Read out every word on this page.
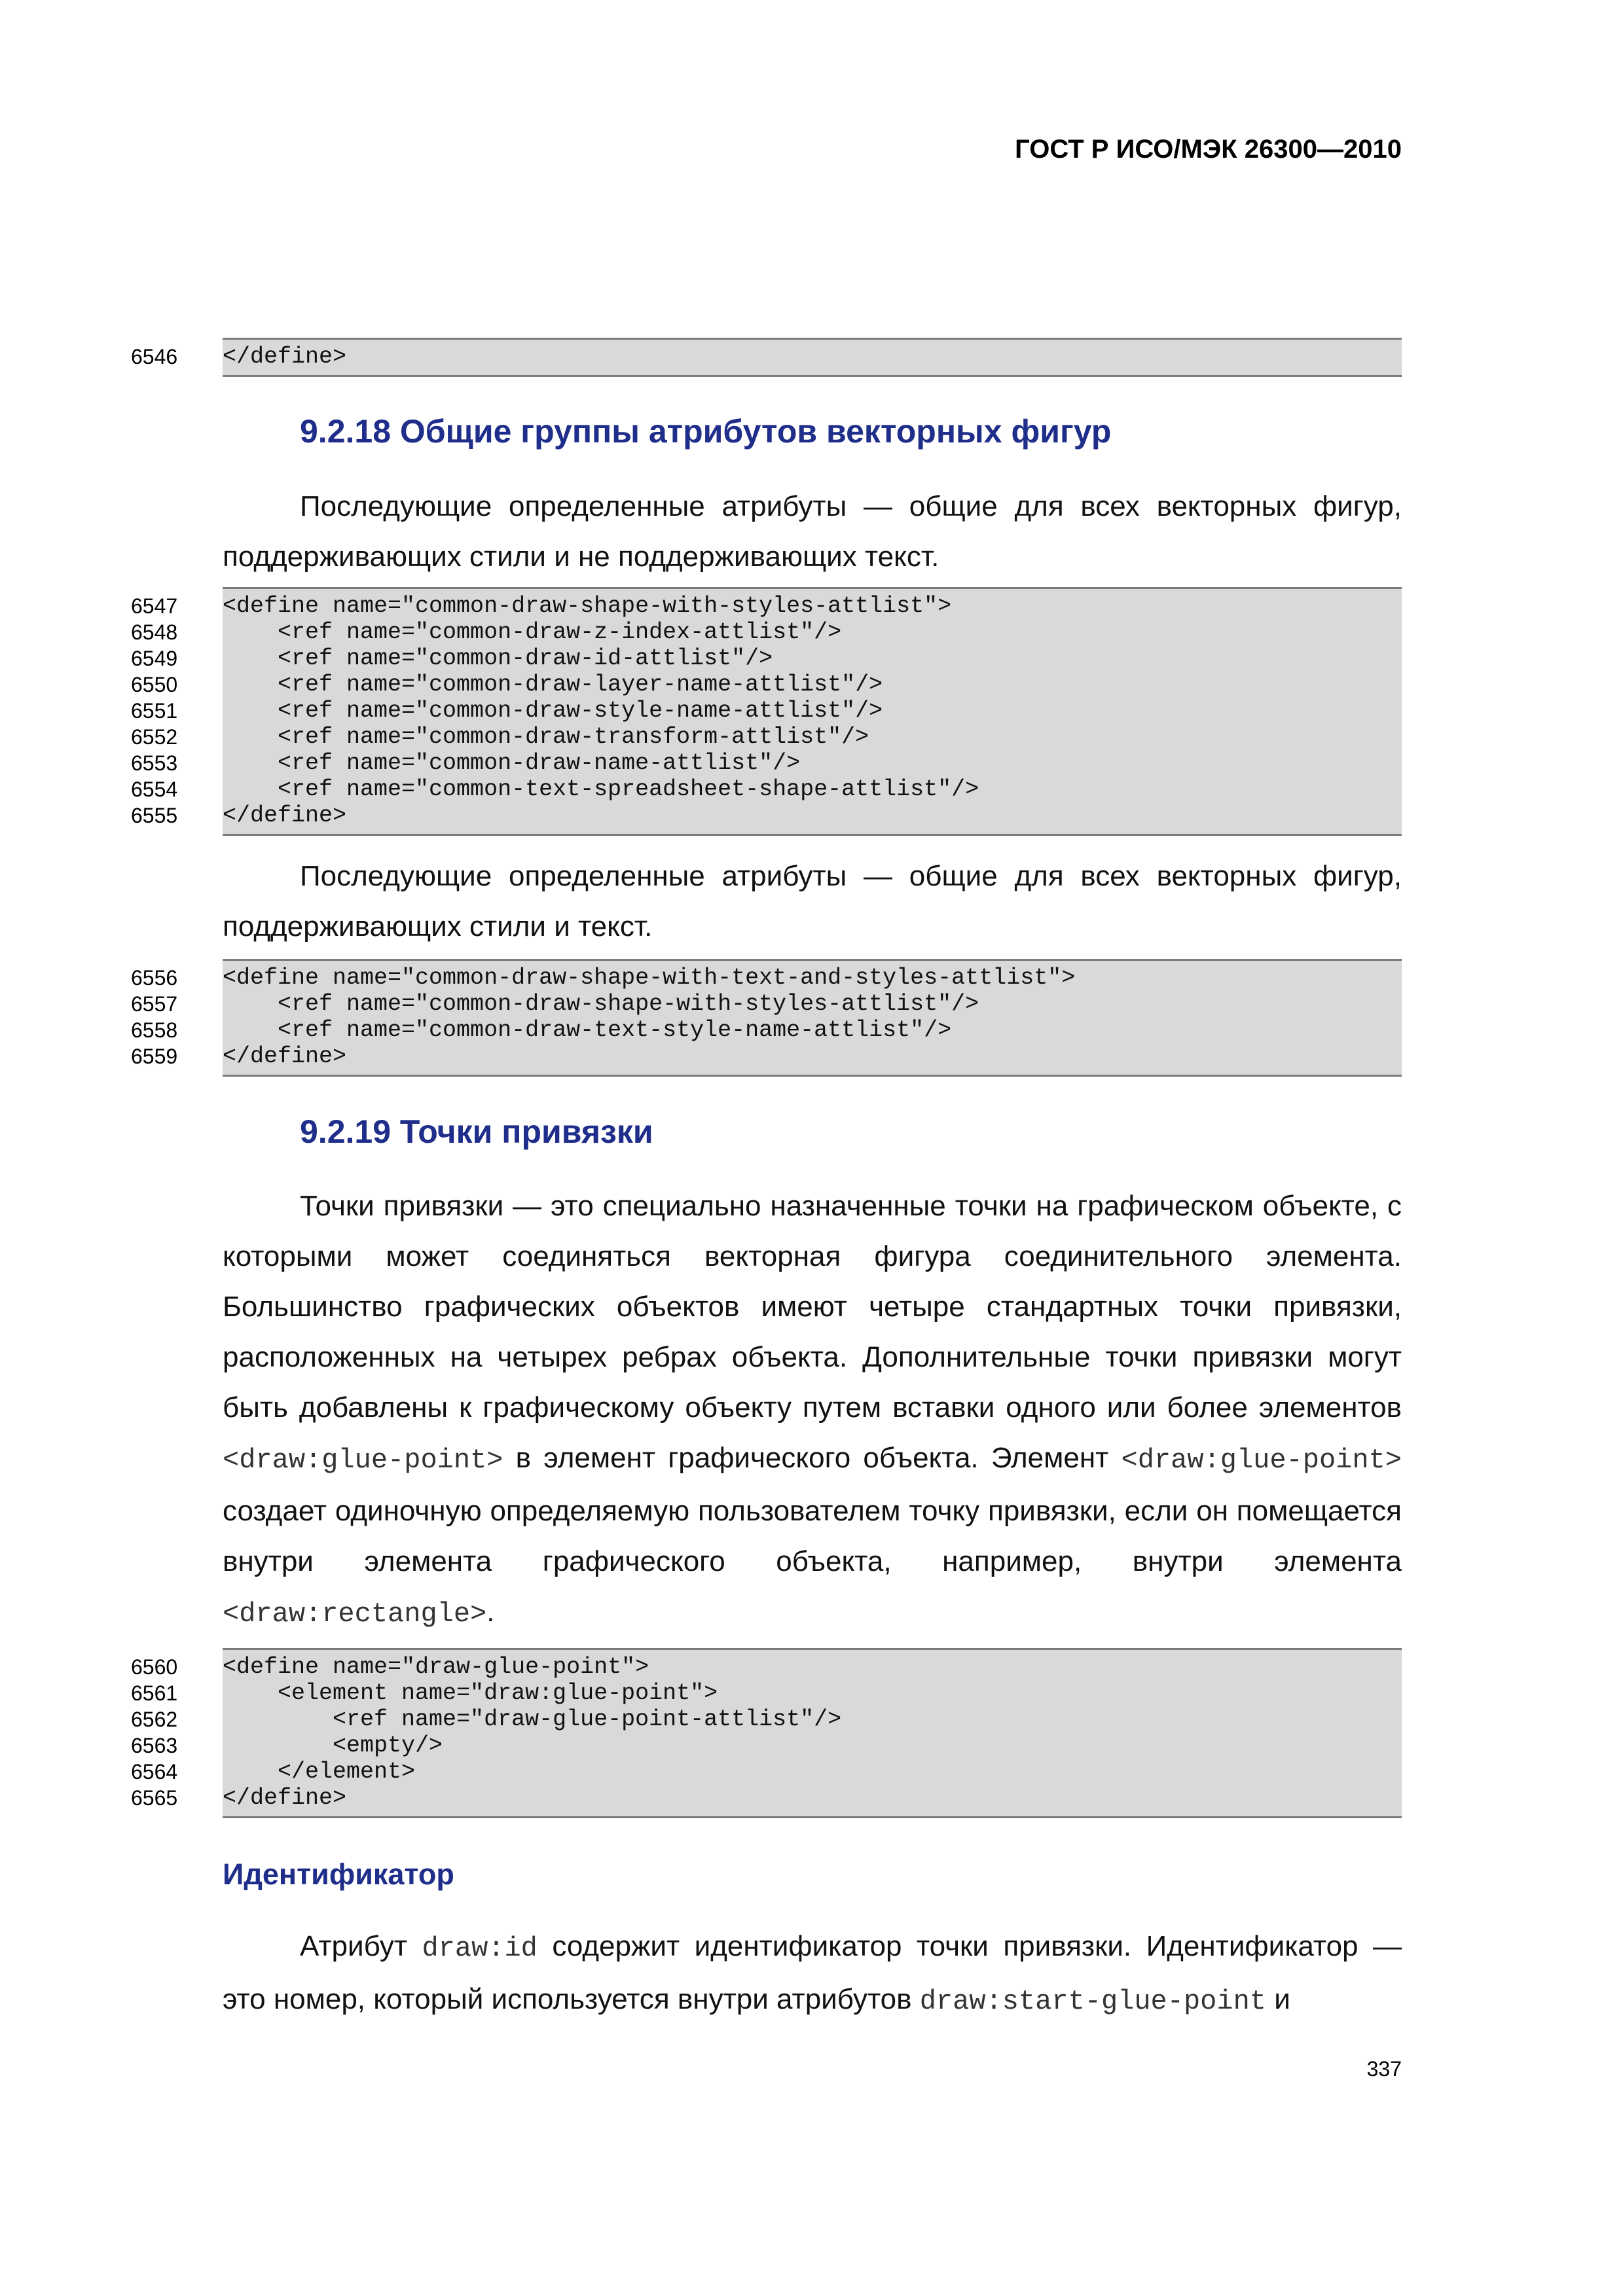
ГОСТ Р ИСО/МЭК 26300—2010
6546 </define>
9.2.18 Общие группы атрибутов векторных фигур

Последующие определенные атрибуты — общие для всех векторных фигур, поддерживающих стили и не поддерживающих текст.

6547 <define name="common-draw-shape-with-styles-attlist">
6548 <ref name="common-draw-z-index-attlist"/>
6549 <ref name="common-draw-id-attlist"/>
6550 <ref name="common-draw-layer-name-attlist"/>
6551 <ref name="common-draw-style-name-attlist"/>
6552 <ref name="common-draw-transform-attlist"/>
6553 <ref name="common-draw-name-attlist"/>
6554 <ref name="common-text-spreadsheet-shape-attlist"/>
6555 </define>

Последующие определенные атрибуты — общие для всех векторных фигур, поддерживающих стили и текст.

6556 <define name="common-draw-shape-with-text-and-styles-attlist">
6557 <ref name="common-draw-shape-with-styles-attlist"/>
6558 <ref name="common-draw-text-style-name-attlist"/>
6559 </define>
9.2.19 Точки привязки

Точки привязки — это специально назначенные точки на графическом объекте, с которыми может соединяться векторная фигура соединительного элемента. Большинство графических объектов имеют четыре стандартных точки привязки, расположенных на четырех ребрах объекта. Дополнительные точки привязки могут быть добавлены к графическому объекту путем вставки одного или более элементов <draw:glue-point> в элемент графического объекта. Элемент <draw:glue-point> создает одиночную определяемую пользователем точку привязки, если он помещается внутри элемента графического объекта, например, внутри элемента <draw:rectangle>.

6560 <define name="draw-glue-point">
6561 <element name="draw:glue-point">
6562 <ref name="draw-glue-point-attlist"/>
6563 <empty/>
6564 </element>
6565 </define>
Идентификатор

Атрибут draw:id содержит идентификатор точки привязки. Идентификатор — это номер, который используется внутри атрибутов draw:start-glue-point и

337
